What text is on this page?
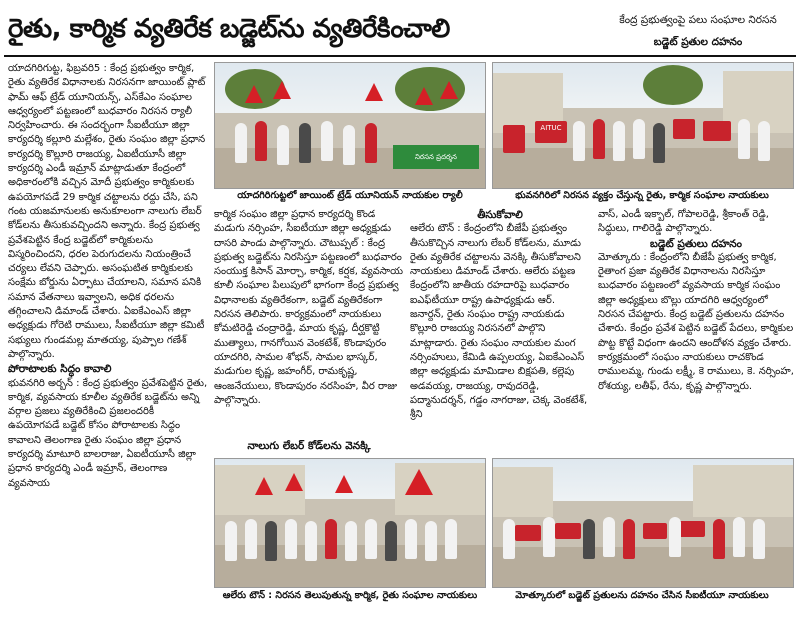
రైతు, కార్మిక వ్యతిరేక బడ్జెట్‌ను వ్యతిరేకించాలి	కేంద్ర ప్రభుత్వంపై పలు సంఘాల నిరసన
బడ్జెట్ ప్రతుల దహనం

యాదగిరిగుట్ట, ఫిబ్రవరి5 : కేంద్ర ప్రభుత్వం కార్మిక, రైతు వ్యతిరేక విధానాలకు నిరసనగా జాయింట్ ప్లాట్ ఫామ్ ఆఫ్ ట్రేడ్ యూనియన్స్, ఎస్‌కేఎం సంఘాల ఆధ్వర్యంలో పట్టణంలో బుధవారం నిరసన ర్యాలీ నిర్వహించారు. ఈ సందర్భంగా సీఐటీయూ జిల్లా కార్యదర్శి కల్లూరి మల్లేశం, రైతు సంఘం జిల్లా ప్రధాన కార్యదర్శి కొల్లూరి రాజయ్య, ఏఐటీయూసీ జిల్లా కార్యదర్శి ఎండీ ఇమ్రాన్ మాట్లాడుతూ కేంద్రంలో అధికారంలోకి వచ్చిన మోదీ ప్రభుత్వం కార్మికులకు ఉపయోగపడే 29 కార్మిక చట్టాలను రద్దు చేసి, పని గంట యజమానులకు అనుకూలంగా నాలుగు లేబర్ కోడ్‌లను తీసుకువచ్చిందని అన్నారు. కేంద్ర ప్రభుత్వ ప్రవేశపెట్టిన కేంద్ర బడ్జెట్‌లో కార్మికులను విస్మరించిందని, ధరల పెరుగుదలను నియంత్రించే చర్యలు లేవని చెప్పారు. అసంఘటిత కార్మికులకు సంక్షేమ బోర్డును ఏర్పాటు చేయాలని, సమాన పనికి సమాన వేతనాలు ఇవ్వాలని, అధిక ధరలను తగ్గించాలని డిమాండ్ చేశారు. ఏఐకేఎంఎస్ జిల్లా అధ్యక్షుడు గోరెటి రాములు, సీఐటీయూ జిల్లా కమిటీ సభ్యులు గుండమల్ల మాతయ్య, పుప్పాల గణేశ్ పాల్గొన్నారు.

పోరాటాలకు సిద్ధం కావాలి

భువనగిరి అర్బన్ : కేంద్ర ప్రభుత్వం ప్రవేశపెట్టిన రైతు, కార్మిక, వ్యవసాయ కూలీల వ్యతిరేక బడ్జెట్‌ను అన్ని వర్గాల ప్రజలు వ్యతిరేకించి ప్రజలందరికీ ఉపయోగపడే బడ్జెట్ కోసం పోరాటాలకు సిద్ధం కావాలని తెలంగాణ రైతు సంఘం జిల్లా ప్రధాన కార్యదర్శి మాటూరి బాలరాజు, ఏఐటీయూసీ జిల్లా ప్రధాన కార్యదర్శి ఎండీ ఇమ్రాన్, తెలంగాణ వ్యవసాయ

నిరసన ప్రదర్శన
యాదగిరిగుట్టలో జాయింట్ ట్రేడ్ యూనియన్ నాయకుల ర్యాలీ
AITUC
భువనగిరిలో నిరసన వ్యక్తం చేస్తున్న రైతు, కార్మిక సంఘాల నాయకులు

కార్మిక సంఘం జిల్లా ప్రధాన కార్యదర్శి కొండ మడుగు నర్సింహ, సీఐటీయూ జిల్లా అధ్యక్షుడు దాసరి పాండు పాల్గొన్నారు. చౌటుప్పల్ : కేంద్ర ప్రభుత్వ బడ్జెట్‌ను నిరసిస్తూ పట్టణంలో బుధవారం సంయుక్త కిసాన్ మోర్చా, కార్మిక, కర్షక, వ్యవసాయ కూలీ సంఘాల పిలుపులో భాగంగా కేంద్ర ప్రభుత్వ విధానాలకు వ్యతిరేకంగా, బడ్జెట్ వ్యతిరేకంగా నిరసన తెలిపారు. కార్యక్రమంలో నాయకులు కోమటిరెడ్డి చంద్రారెడ్డి, మాయ కృష్ణ, దీర్ఘకొట్టి ముత్యాలు, గానగోయిన వెంకటేశ్, కొండాపురం యాదగిరి, సామల శోభన్, సామల భాస్కర్, మడుగుల కృష్ణ, జహంగీర్, రామకృష్ణ, ఆంజనేయులు, కొండాపురం నరసింహ, వీర రాజు పాల్గొన్నారు.

నాలుగు లేబర్ కోడ్‌లను వెనక్కి

తీసుకోవాలి

ఆలేరు టౌన్ : కేంద్రంలోని బీజేపీ ప్రభుత్వం తీసుకొచ్చిన నాలుగు లేబర్ కోడ్‌లను, మూడు రైతు వ్యతిరేక చట్టాలను వెనక్కి తీసుకోవాలని నాయకులు డిమాండ్ చేశారు. ఆలేరు పట్టణ కేంద్రంలోని జాతీయ రహదారిపై బుధవారం ఐఎఫ్‌టీయూ రాష్ట్ర ఉపాధ్యక్షుడు ఆర్. జనార్దన్, రైతు సంఘం రాష్ట్ర నాయకుడు కొల్లూరి రాజయ్య నిరసనలో పాల్గొని మాట్లాడారు. రైతు సంఘం నాయకుల మంగ నర్సింహులు, కేమిడి ఉప్పలయ్య, ఏఐకేఎంఎస్ జిల్లా అధ్యక్షుడు మామిడాల బిక్షపతి, కల్లెపు అడవయ్య, రాజయ్య, రావుదరెడ్డి, పద్మానుదర్శన్, గడ్డం నాగరాజు, చెక్క వెంకటేశ్, శ్రీని

వాస్, ఎండీ ఇక్బాల్, గోపాలరెడ్డి, శ్రీకాంత్ రెడ్డి, సిద్ధులు, గాలిరెడ్డి పాల్గొన్నారు.

బడ్జెట్ ప్రతులు దహనం

మోత్కూరు : కేంద్రంలోని బీజేపీ ప్రభుత్వ కార్మిక, రైతాంగ ప్రజా వ్యతిరేక విధానాలను నిరసిస్తూ బుధవారం పట్టణంలో వ్యవసాయ కార్మిక సంఘం జిల్లా అధ్యక్షులు బొల్లు యాదగిరి ఆధ్వర్యంలో నిరసన చేపట్టారు. కేంద్ర బడ్జెట్ ప్రతులను దహనం చేశారు. కేంద్రం ప్రవేశ పెట్టిన బడ్జెట్ పేదలు, కార్మికుల పొట్ట కొట్టే విధంగా ఉందని ఆందోళన వ్యక్తం చేశారు. కార్యక్రమంలో సంఘం నాయకులు రాచకొండ రాములమ్మ, గుండు లక్ష్మీ, కె రాములు, కె. నర్సింహ, రోశయ్య, లతీఫ్, రేను, కృష్ణ పాల్గొన్నారు.

ఆలేరు టౌన్ : నిరసన తెలుపుతున్న కార్మిక, రైతు సంఘాల నాయకులు	మోత్కూరులో బడ్జెట్ ప్రతులను దహనం చేసిన సీఐటీయూ నాయకులు
